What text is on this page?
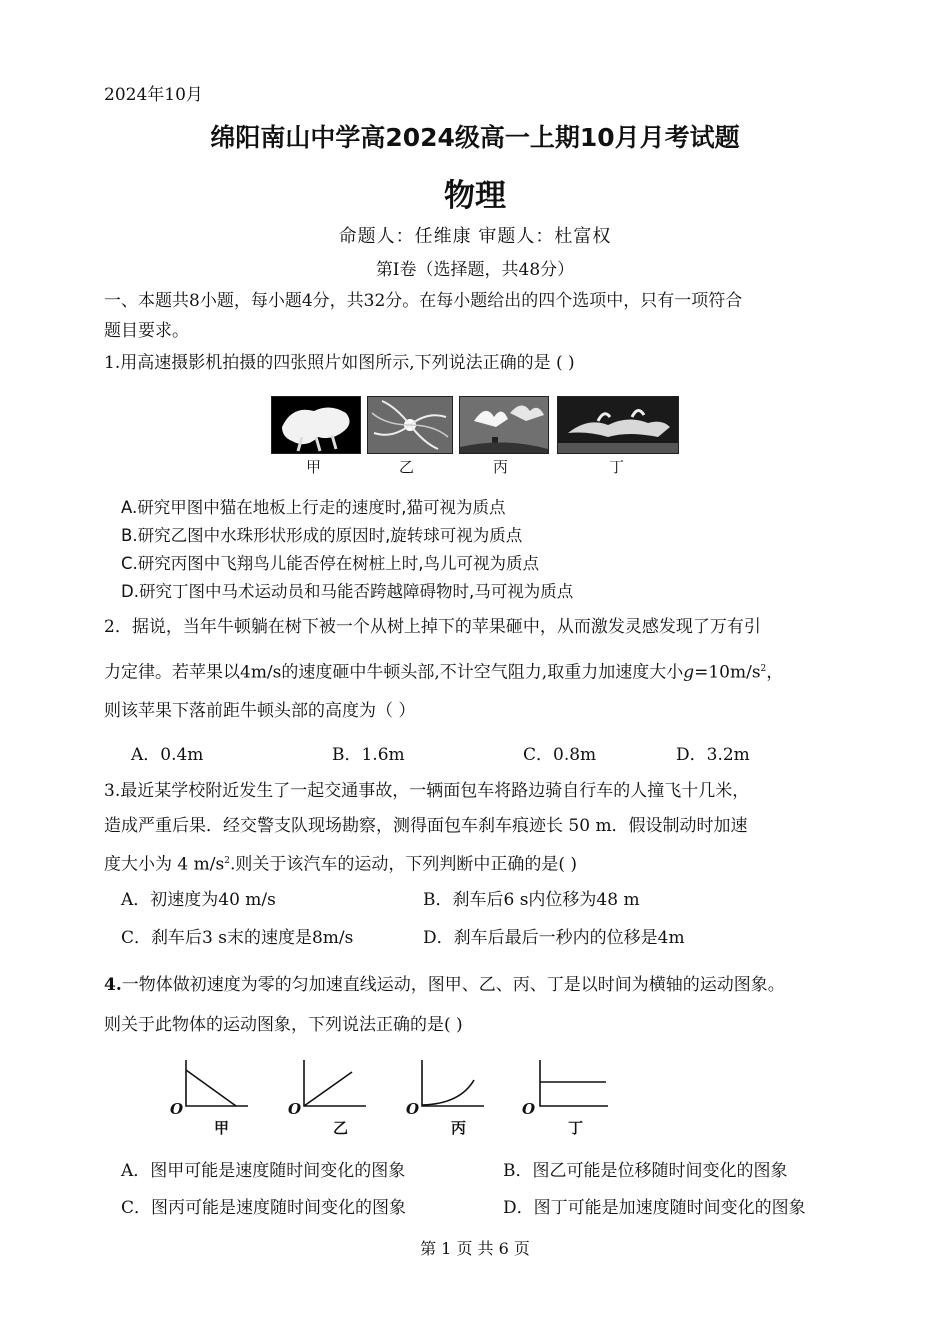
2024年10月
绵阳南山中学高2024级高一上期10月月考试题
物理
命题人：任维康 审题人：杜富权
第Ⅰ卷（选择题，共48分）
一、本题共8小题，每小题4分，共32分。在每小题给出的四个选项中，只有一项符合
题目要求。
1.用高速摄影机拍摄的四张照片如图所示,下列说法正确的是 ( )
甲	乙	丙	丁
A.研究甲图中猫在地板上行走的速度时,猫可视为质点
B.研究乙图中水珠形状形成的原因时,旋转球可视为质点
C.研究丙图中飞翔鸟儿能否停在树桩上时,鸟儿可视为质点
D.研究丁图中马术运动员和马能否跨越障碍物时,马可视为质点
2．据说，当年牛顿躺在树下被一个从树上掉下的苹果砸中，从而激发灵感发现了万有引
力定律。若苹果以4m/s的速度砸中牛顿头部,不计空气阻力,取重力加速度大小$g=10m/s^2$，
则该苹果下落前距牛顿头部的高度为（ ）
A．0.4m	B．1.6m	C．0.8m	D．3.2m
3.最近某学校附近发生了一起交通事故，一辆面包车将路边骑自行车的人撞飞十几米，
造成严重后果．经交警支队现场勘察，测得面包车刹车痕迹长 50 m．假设制动时加速
度大小为 4 $m/s^2$.则关于该汽车的运动，下列判断中正确的是( )
A．初速度为40 m/s	B．刹车后6 s内位移为48 m
C．刹车后3 s末的速度是8m/s	D．刹车后最后一秒内的位移是4m
4.一物体做初速度为零的匀加速直线运动，图甲、乙、丙、丁是以时间为横轴的运动图象。
则关于此物体的运动图象，下列说法正确的是( )
O	O	O	O
甲	乙	丙	丁
A．图甲可能是速度随时间变化的图象	B．图乙可能是位移随时间变化的图象
C．图丙可能是速度随时间变化的图象	D．图丁可能是加速度随时间变化的图象
第 1 页 共 6 页
